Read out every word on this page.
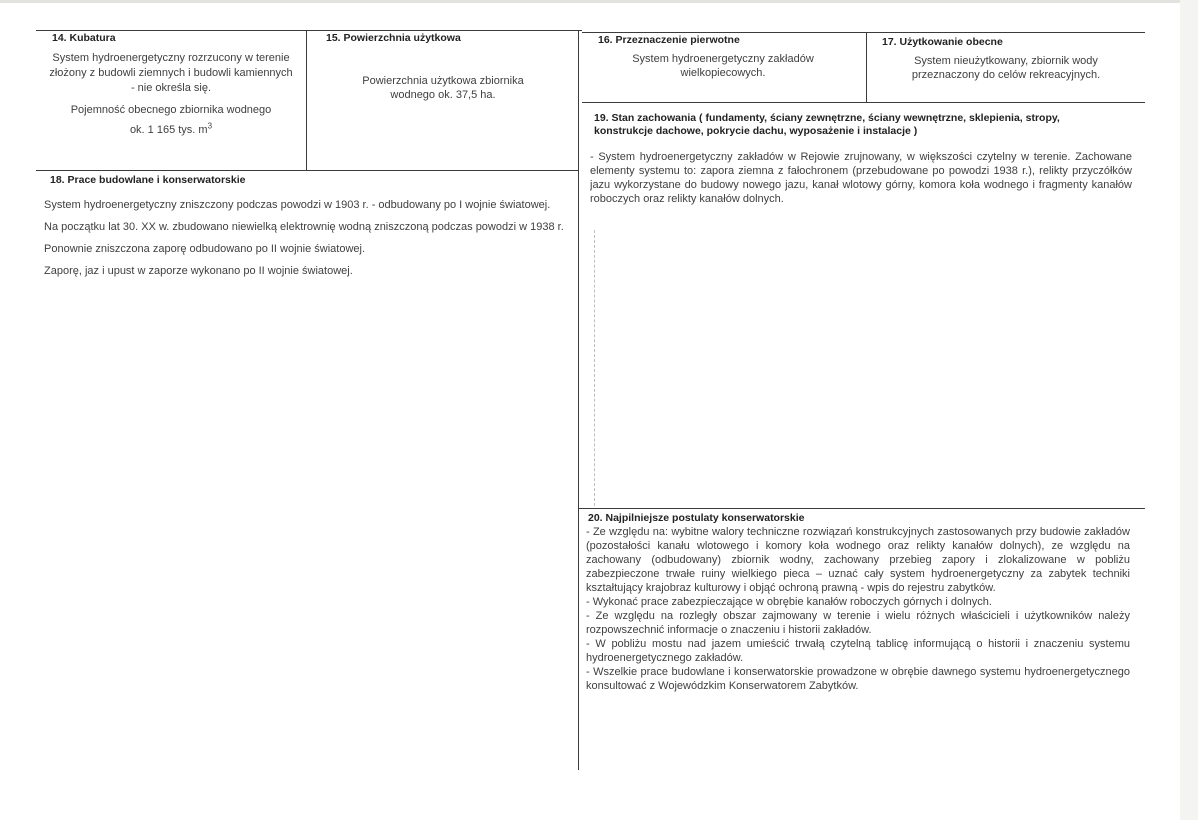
14. Kubatura

System hydroenergetyczny rozrzucony w terenie złożony z budowli ziemnych i budowli kamiennych - nie określa się.

Pojemność obecnego zbiornika wodnego

ok. 1 165 tys. $m^3$

15. Powierzchnia użytkowa

Powierzchnia użytkowa zbiornika wodnego ok. 37,5 ha.

16. Przeznaczenie pierwotne

System hydroenergetyczny zakładów wielkopiecowych.

17. Użytkowanie obecne

System nieużytkowany, zbiornik wody przeznaczony do celów rekreacyjnych.

18. Prace budowlane i konserwatorskie

System hydroenergetyczny zniszczony podczas powodzi w 1903 r. - odbudowany po I wojnie światowej.

Na początku lat 30. XX w. zbudowano niewielką elektrownię wodną zniszczoną podczas powodzi w 1938 r.

Ponownie zniszczona zaporę odbudowano po II wojnie światowej.

Zaporę, jaz i upust w zaporze wykonano po II wojnie światowej.

19. Stan zachowania ( fundamenty, ściany zewnętrzne, ściany wewnętrzne, sklepienia, stropy, konstrukcje dachowe, pokrycie dachu, wyposażenie i instalacje )

- System hydroenergetyczny zakładów w Rejowie zrujnowany, w większości czytelny w terenie. Zachowane elementy systemu to: zapora ziemna z fałochronem (przebudowane po powodzi 1938 r.), relikty przyczółków jazu wykorzystane do budowy nowego jazu, kanał wlotowy górny, komora koła wodnego i fragmenty kanałów roboczych oraz relikty kanałów dolnych.

20. Najpilniejsze postulaty konserwatorskie

- Ze względu na: wybitne walory techniczne rozwiązań konstrukcyjnych zastosowanych przy budowie zakładów (pozostałości kanału wlotowego i komory koła wodnego oraz relikty kanałów dolnych), ze względu na zachowany (odbudowany) zbiornik wodny, zachowany przebieg zapory i zlokalizowane w pobliżu zabezpieczone trwałe ruiny wielkiego pieca – uznać cały system hydroenergetyczny za zabytek techniki kształtujący krajobraz kulturowy i objąć ochroną prawną - wpis do rejestru zabytków.

- Wykonać prace zabezpieczające w obrębie kanałów roboczych górnych i dolnych.

- Ze względu na rozległy obszar zajmowany w terenie i wielu różnych właścicieli i użytkowników należy rozpowszechnić informacje o znaczeniu i historii zakładów.

- W pobliżu mostu nad jazem umieścić trwałą czytelną tablicę informującą o historii i znaczeniu systemu hydroenergetycznego zakładów.

- Wszelkie prace budowlane i konserwatorskie prowadzone w obrębie dawnego systemu hydroenergetycznego konsultować z Wojewódzkim Konserwatorem Zabytków.
